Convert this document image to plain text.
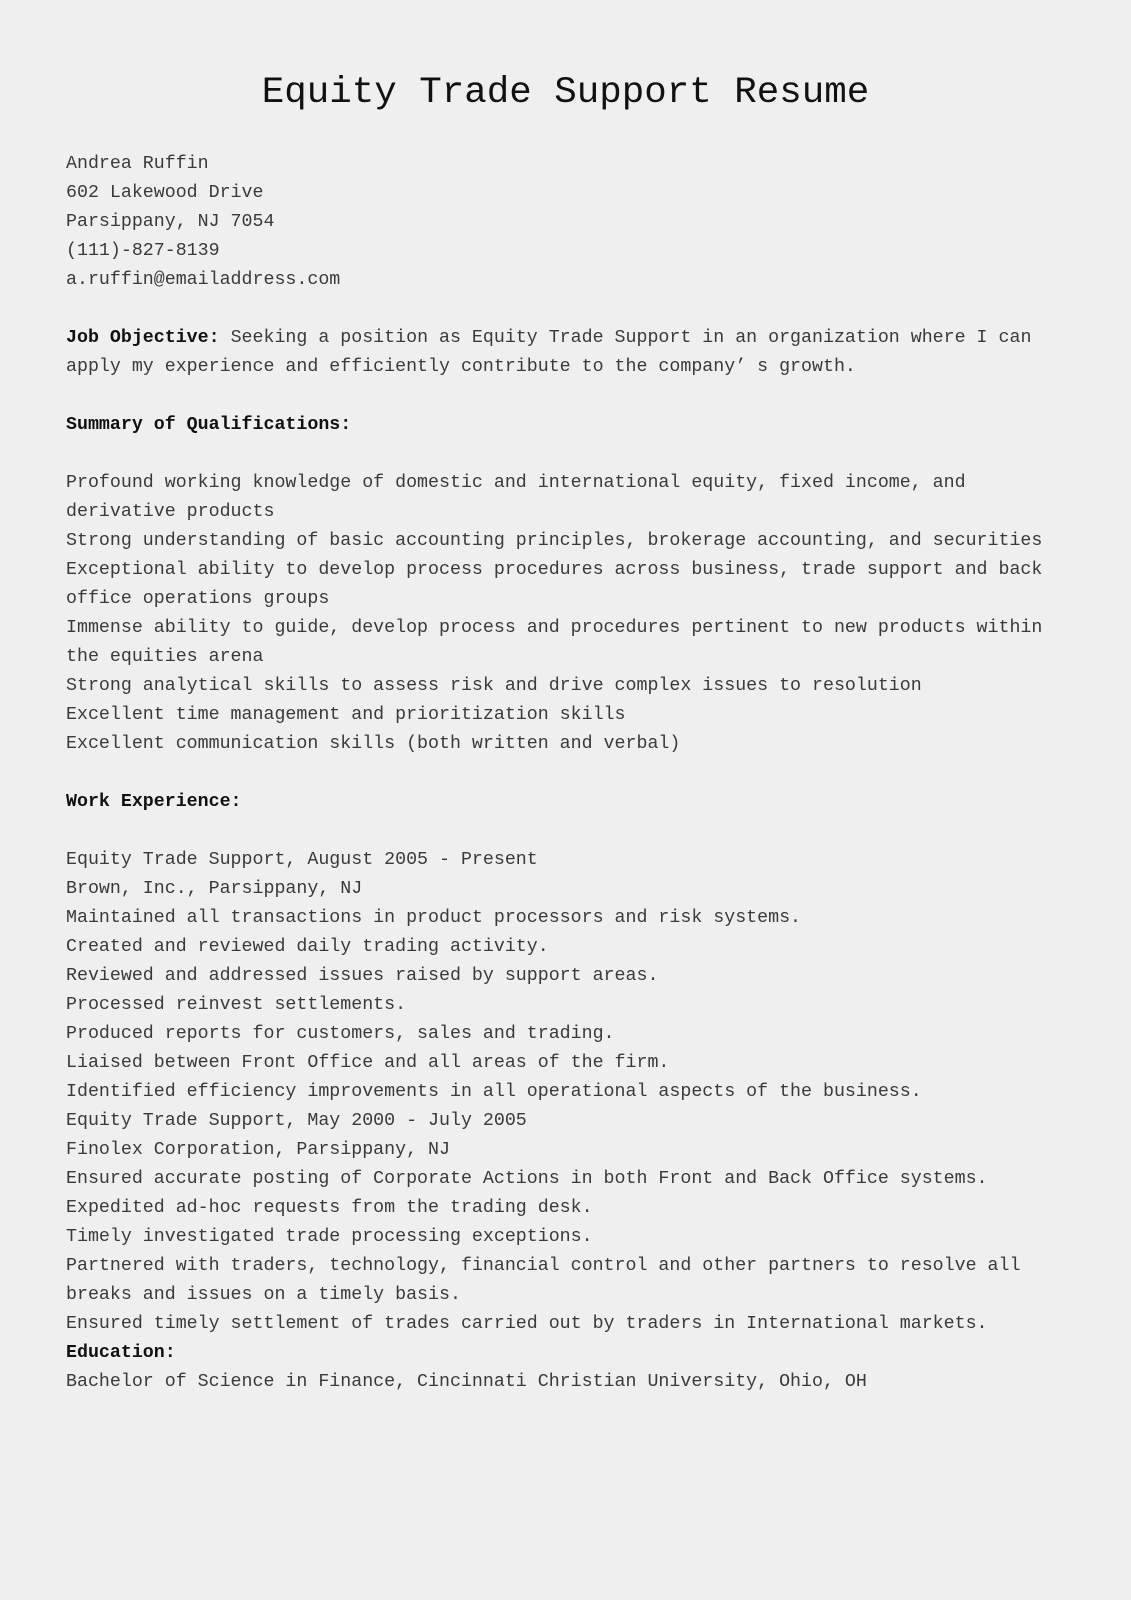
Equity Trade Support Resume

Andrea Ruffin

602 Lakewood Drive

Parsippany, NJ 7054

(111)-827-8139

a.ruffin@emailaddress.com

Job Objective: Seeking a position as Equity Trade Support in an organization where I can apply my experience and efficiently contribute to the company’ s growth.

Summary of Qualifications:

Profound working knowledge of domestic and international equity, fixed income, and derivative products

Strong understanding of basic accounting principles, brokerage accounting, and securities

Exceptional ability to develop process procedures across business, trade support and back office operations groups

Immense ability to guide, develop process and procedures pertinent to new products within the equities arena

Strong analytical skills to assess risk and drive complex issues to resolution

Excellent time management and prioritization skills

Excellent communication skills (both written and verbal)

Work Experience:

Equity Trade Support, August 2005 - Present

Brown, Inc., Parsippany, NJ

Maintained all transactions in product processors and risk systems.

Created and reviewed daily trading activity.

Reviewed and addressed issues raised by support areas.

Processed reinvest settlements.

Produced reports for customers, sales and trading.

Liaised between Front Office and all areas of the firm.

Identified efficiency improvements in all operational aspects of the business.

Equity Trade Support, May 2000 - July 2005

Finolex Corporation, Parsippany, NJ

Ensured accurate posting of Corporate Actions in both Front and Back Office systems.

Expedited ad-hoc requests from the trading desk.

Timely investigated trade processing exceptions.

Partnered with traders, technology, financial control and other partners to resolve all breaks and issues on a timely basis.

Ensured timely settlement of trades carried out by traders in International markets.

Education:

Bachelor of Science in Finance, Cincinnati Christian University, Ohio, OH
